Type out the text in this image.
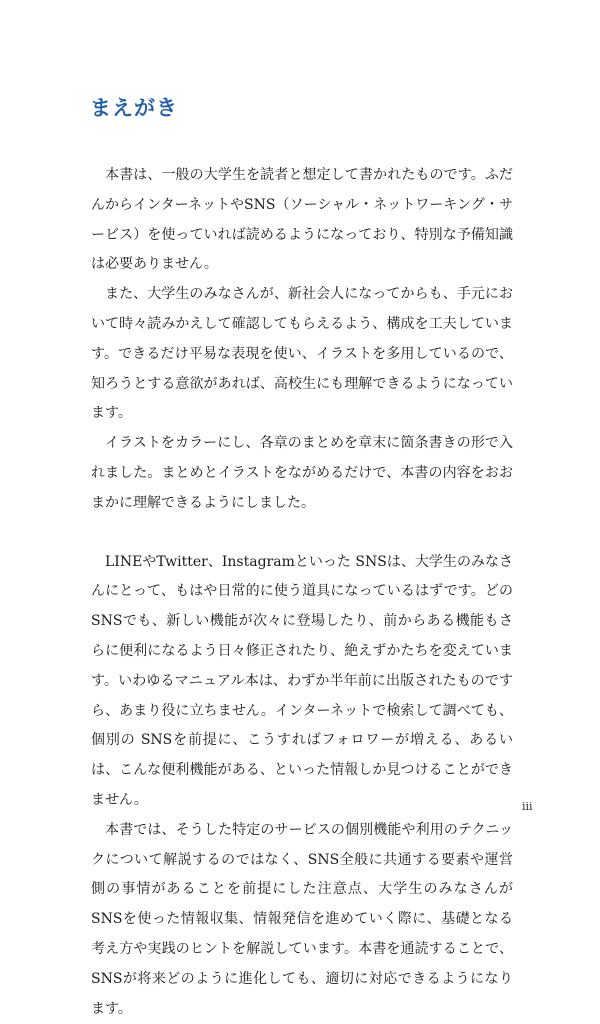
まえがき

本書は、一般の大学生を読者と想定して書かれたものです。ふだんからインターネットやSNS（ソーシャル・ネットワーキング・サービス）を使っていれば読めるようになっており、特別な予備知識は必要ありません。

また、大学生のみなさんが、新社会人になってからも、手元において時々読みかえして確認してもらえるよう、構成を工夫しています。できるだけ平易な表現を使い、イラストを多用しているので、知ろうとする意欲があれば、高校生にも理解できるようになっています。

イラストをカラーにし、各章のまとめを章末に箇条書きの形で入れました。まとめとイラストをながめるだけで、本書の内容をおおまかに理解できるようにしました。

LINEやTwitter、Instagramといった SNSは、大学生のみなさんにとって、もはや日常的に使う道具になっているはずです。どの SNSでも、新しい機能が次々に登場したり、前からある機能もさらに便利になるよう日々修正されたり、絶えずかたちを変えています。いわゆるマニュアル本は、わずか半年前に出版されたものですら、あまり役に立ちません。インターネットで検索して調べても、個別の SNSを前提に、こうすればフォロワーが増える、あるいは、こんな便利機能がある、といった情報しか見つけることができません。

本書では、そうした特定のサービスの個別機能や利用のテクニックについて解説するのではなく、SNS全般に共通する要素や運営側の事情があることを前提にした注意点、大学生のみなさんが SNSを使った情報収集、情報発信を進めていく際に、基礎となる考え方や実践のヒントを解説しています。本書を通読することで、SNSが将来どのように進化しても、適切に対応できるようになります。

iii
